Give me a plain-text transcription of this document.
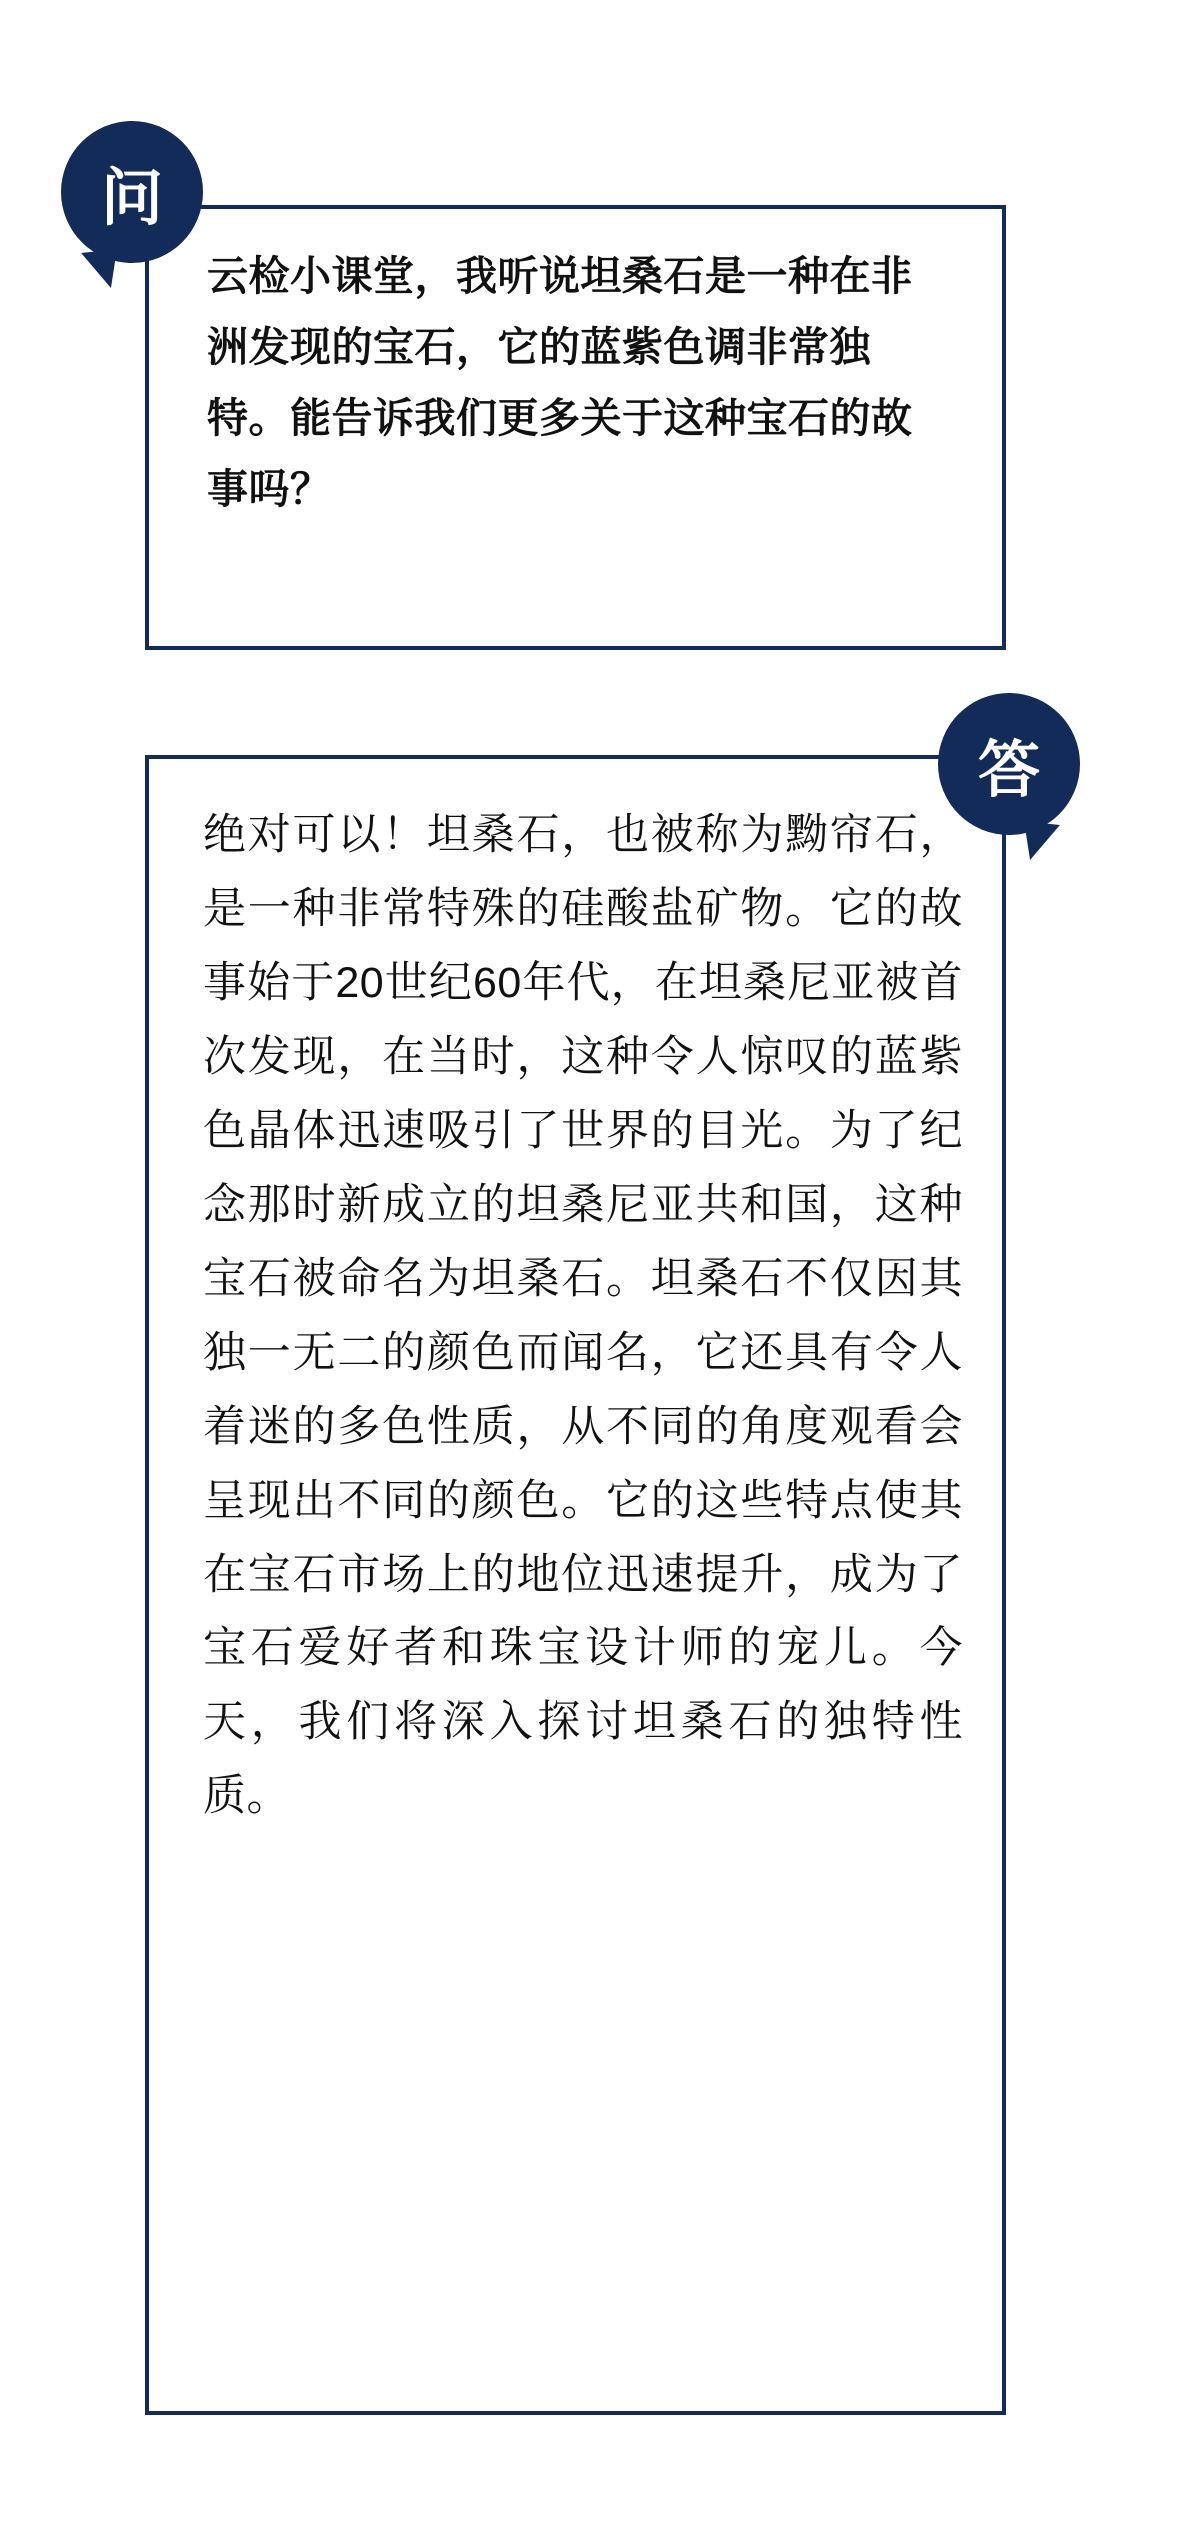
问
云检小课堂，我听说坦桑石是一种在非洲发现的宝石，它的蓝紫色调非常独特。能告诉我们更多关于这种宝石的故事吗？
答
绝对可以！坦桑石，也被称为黝帘石，是一种非常特殊的硅酸盐矿物。它的故事始于20世纪60年代，在坦桑尼亚被首次发现，在当时，这种令人惊叹的蓝紫色晶体迅速吸引了世界的目光。为了纪念那时新成立的坦桑尼亚共和国，这种宝石被命名为坦桑石。坦桑石不仅因其独一无二的颜色而闻名，它还具有令人着迷的多色性质，从不同的角度观看会呈现出不同的颜色。它的这些特点使其在宝石市场上的地位迅速提升，成为了宝石爱好者和珠宝设计师的宠儿。今天，我们将深入探讨坦桑石的独特性质。
